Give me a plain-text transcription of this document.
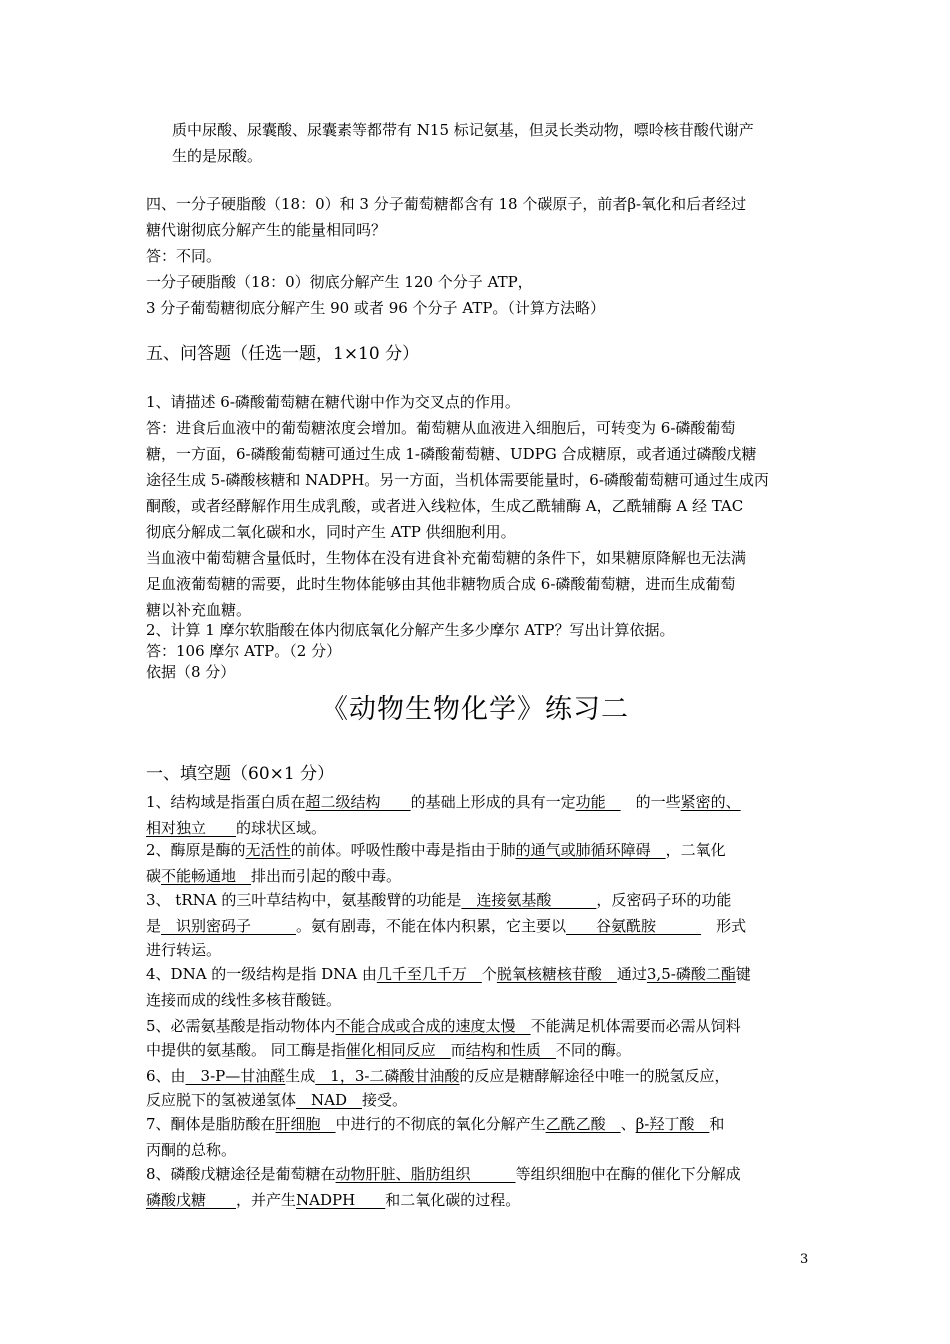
质中尿酸、尿囊酸、尿囊素等都带有 N15 标记氨基，但灵长类动物，嘌呤核苷酸代谢产
生的是尿酸。
四、一分子硬脂酸（18：0）和 3 分子葡萄糖都含有 18 个碳原子，前者β-氧化和后者经过
糖代谢彻底分解产生的能量相同吗？
答：不同。
一分子硬脂酸（18：0）彻底分解产生 120 个分子 ATP，
3 分子葡萄糖彻底分解产生 90 或者 96 个分子 ATP。（计算方法略）
五、问答题（任选一题，1×10 分）
1、请描述 6-磷酸葡萄糖在糖代谢中作为交叉点的作用。
答：进食后血液中的葡萄糖浓度会增加。葡萄糖从血液进入细胞后，可转变为 6-磷酸葡萄
糖，一方面，6-磷酸葡萄糖可通过生成 1-磷酸葡萄糖、UDPG 合成糖原，或者通过磷酸戊糖
途径生成 5-磷酸核糖和 NADPH。另一方面，当机体需要能量时，6-磷酸葡萄糖可通过生成丙
酮酸，或者经酵解作用生成乳酸，或者进入线粒体，生成乙酰辅酶 A，乙酰辅酶 A 经 TAC
彻底分解成二氧化碳和水，同时产生 ATP 供细胞利用。
当血液中葡萄糖含量低时，生物体在没有进食补充葡萄糖的条件下，如果糖原降解也无法满
足血液葡萄糖的需要，此时生物体能够由其他非糖物质合成 6-磷酸葡萄糖，进而生成葡萄
糖以补充血糖。
2、计算 1 摩尔软脂酸在体内彻底氧化分解产生多少摩尔 ATP？写出计算依据。
答：106 摩尔 ATP。（2 分）
依据（8 分）
《动物生物化学》练习二
一、填空题（60×1 分）
1、结构域是指蛋白质在超二级结构　　的基础上形成的具有一定功能　　的一些紧密的、
相对独立　　的球状区域。
2、酶原是酶的无活性的前体。呼吸性酸中毒是指由于肺的通气或肺循环障碍　，二氧化
碳不能畅通地　排出而引起的酸中毒。
3、 tRNA 的三叶草结构中，氨基酸臂的功能是　连接氨基酸　　　，反密码子环的功能
是　识别密码子　　　。氨有剧毒，不能在体内积累，它主要以　　谷氨酰胺　　　　形式
进行转运。
4、DNA 的一级结构是指 DNA 由几千至几千万　个脱氧核糖核苷酸　通过3,5-磷酸二酯键
连接而成的线性多核苷酸链。
5、必需氨基酸是指动物体内不能合成或合成的速度太慢　不能满足机体需要而必需从饲料
中提供的氨基酸。 同工酶是指催化相同反应　而结构和性质　不同的酶。
6、由　3-P—甘油醛生成　1，3-二磷酸甘油酸的反应是糖酵解途径中唯一的脱氢反应，
反应脱下的氢被递氢体　NAD　接受。
7、酮体是脂肪酸在肝细胞　中进行的不彻底的氧化分解产生乙酰乙酸　、β-羟丁酸　和
丙酮的总称。
8、磷酸戊糖途径是葡萄糖在动物肝脏、脂肪组织　　　等组织细胞中在酶的催化下分解成
磷酸戊糖　　，并产生NADPH　　和二氧化碳的过程。
3
